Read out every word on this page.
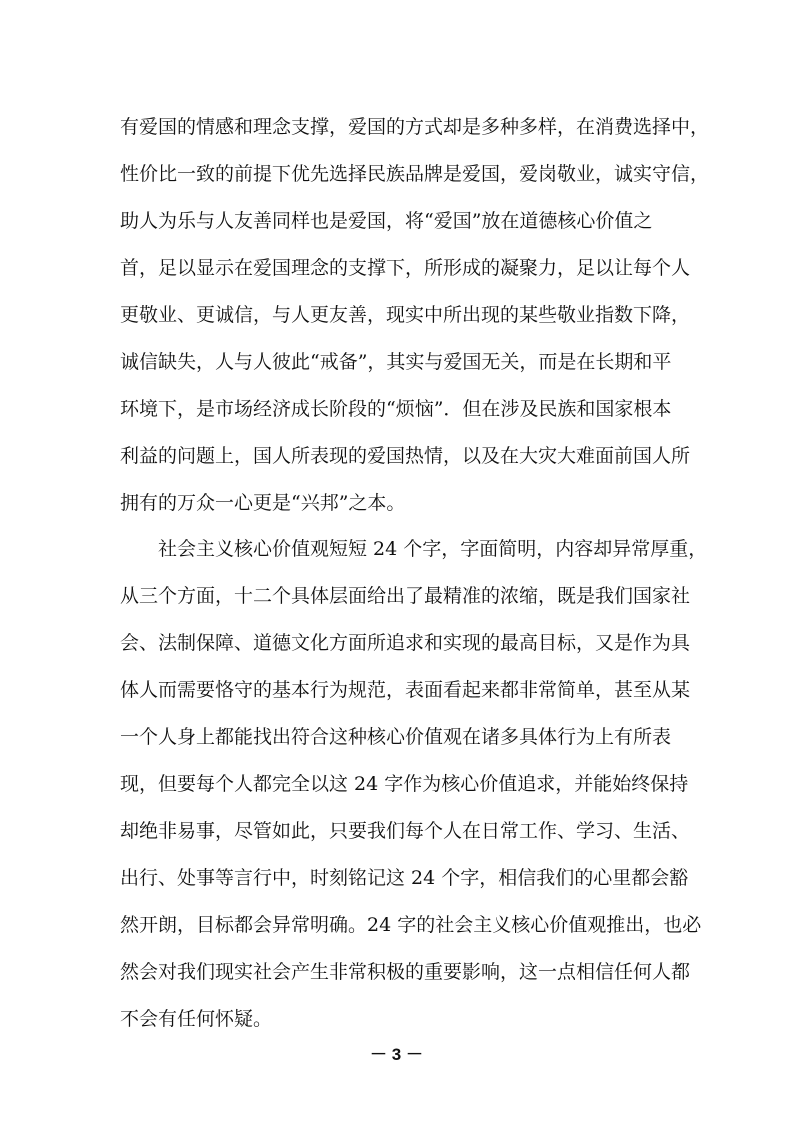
有爱国的情感和理念支撑，爱国的方式却是多种多样，在消费选择中，
性价比一致的前提下优先选择民族品牌是爱国，爱岗敬业，诚实守信，
助人为乐与人友善同样也是爱国，将“爱国”放在道德核心价值之
首，足以显示在爱国理念的支撑下，所形成的凝聚力，足以让每个人
更敬业、更诚信，与人更友善，现实中所出现的某些敬业指数下降，
诚信缺失，人与人彼此“戒备”，其实与爱国无关，而是在长期和平
环境下，是市场经济成长阶段的“烦恼”．但在涉及民族和国家根本
利益的问题上，国人所表现的爱国热情，以及在大灾大难面前国人所
拥有的万众一心更是“兴邦”之本。
社会主义核心价值观短短 24 个字，字面简明，内容却异常厚重，
从三个方面，十二个具体层面给出了最精准的浓缩，既是我们国家社
会、法制保障、道德文化方面所追求和实现的最高目标，又是作为具
体人而需要恪守的基本行为规范，表面看起来都非常简单，甚至从某
一个人身上都能找出符合这种核心价值观在诸多具体行为上有所表
现，但要每个人都完全以这 24 字作为核心价值追求，并能始终保持
却绝非易事，尽管如此，只要我们每个人在日常工作、学习、生活、
出行、处事等言行中，时刻铭记这 24 个字，相信我们的心里都会豁
然开朗，目标都会异常明确。24 字的社会主义核心价值观推出，也必
然会对我们现实社会产生非常积极的重要影响，这一点相信任何人都
不会有任何怀疑。
－ 3 －
